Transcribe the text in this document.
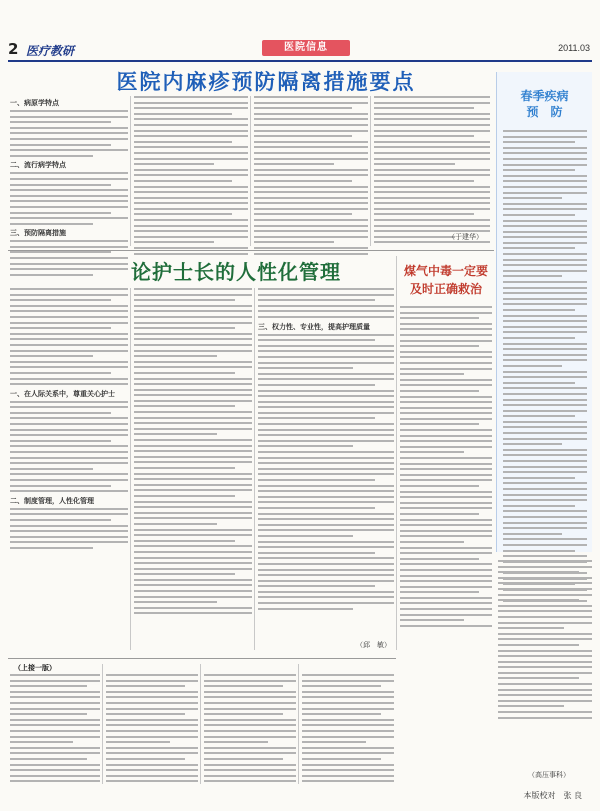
2 医疗教研	医院信息	2011.03
医院内麻疹预防隔离措施要点
一、病原学特点
二、流行病学特点
三、预防隔离措施	（于建华）
春季疾病
预　防
论护士长的人性化管理
一、在人际关系中，尊重关心护士
二、制度管理，人性化管理
三、权力性、专业性，提高护理质量
（邱　敏）
煤气中毒一定要
及时正确救治
（高压事科）
（上接一版）
本版校对　张 良
